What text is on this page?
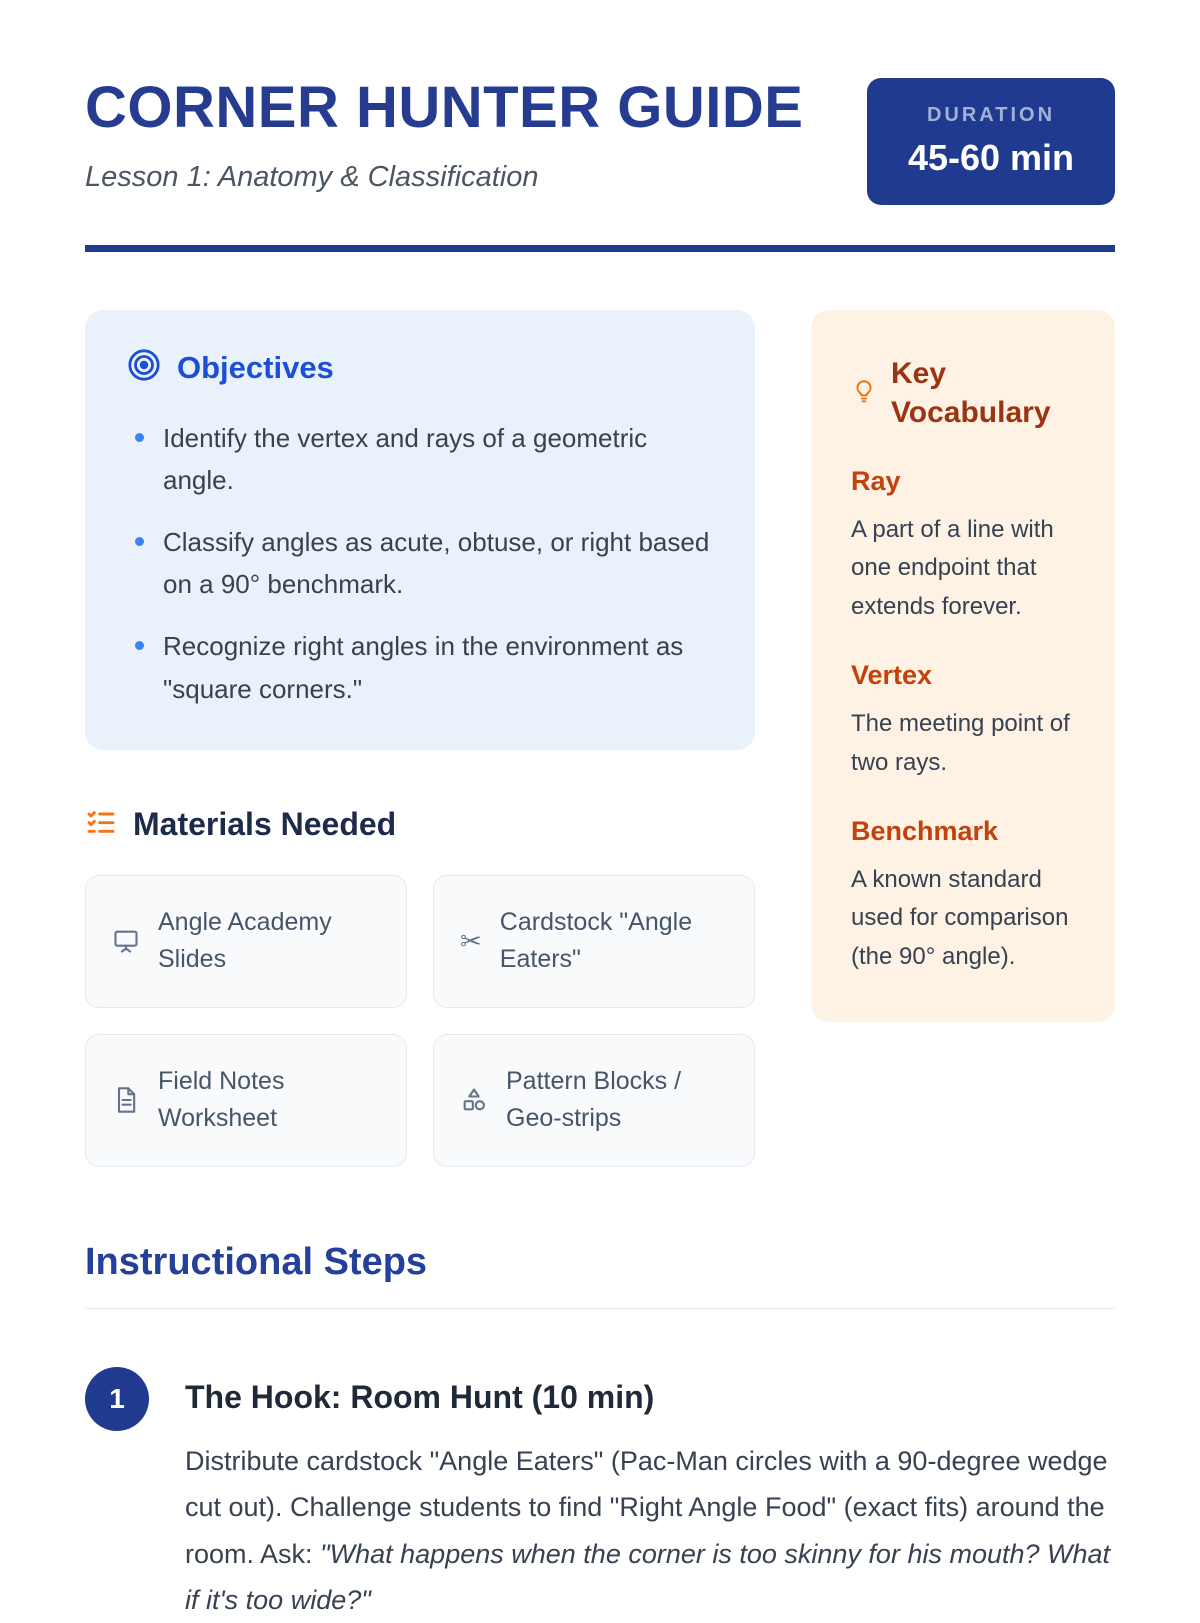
CORNER HUNTER GUIDE

Lesson 1: Anatomy & Classification

DURATION
45-60 min
Objectives
Identify the vertex and rays of a geometric angle.
Classify angles as acute, obtuse, or right based on a 90° benchmark.
Recognize right angles in the environment as "square corners."
Materials Needed
Angle Academy Slides
✂
Cardstock "Angle Eaters"
Field Notes Worksheet
Pattern Blocks / Geo-strips
Key Vocabulary
Ray
A part of a line with one endpoint that extends forever.
Vertex
The meeting point of two rays.
Benchmark
A known standard used for comparison (the 90° angle).
Instructional Steps
1	The Hook: Room Hunt (10 min)

Distribute cardstock "Angle Eaters" (Pac-Man circles with a 90-degree wedge cut out). Challenge students to find "Right Angle Food" (exact fits) around the room. Ask: "What happens when the corner is too skinny for his mouth? What if it's too wide?"
